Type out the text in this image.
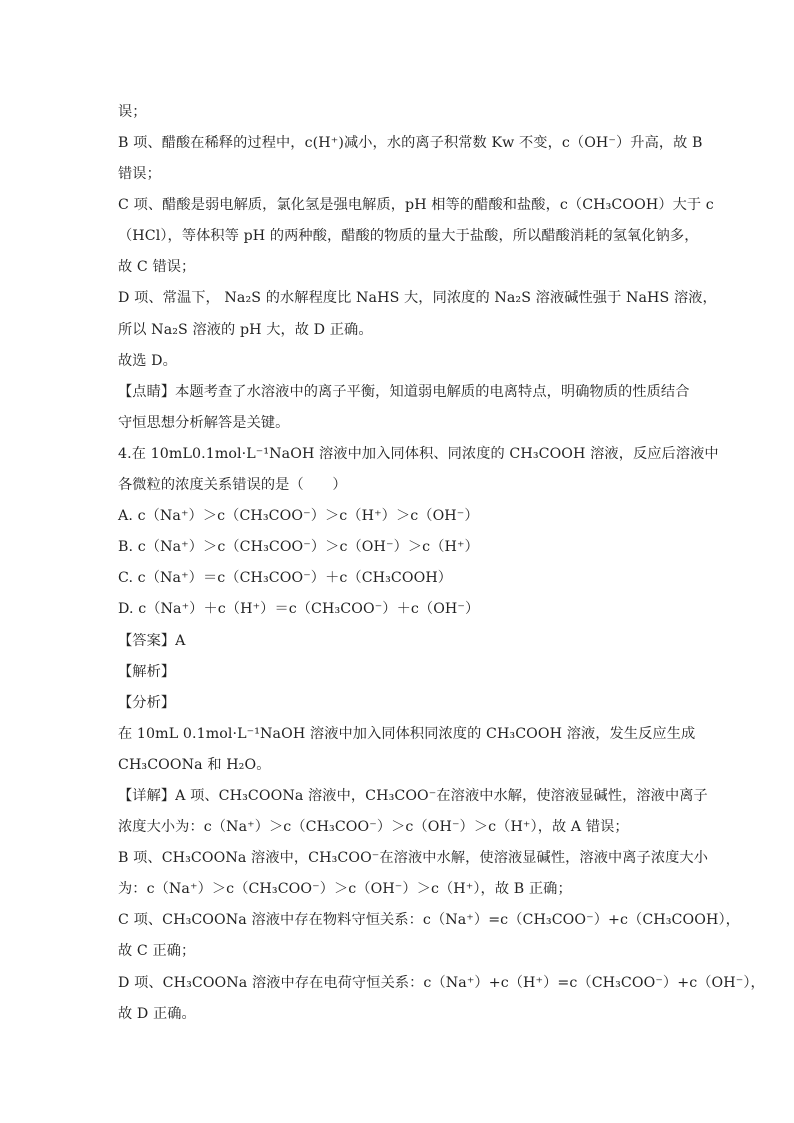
误；
B 项、醋酸在稀释的过程中，c(H⁺)减小，水的离子积常数 Kw 不变，c（OH⁻）升高，故 B
错误；
C 项、醋酸是弱电解质，氯化氢是强电解质，pH 相等的醋酸和盐酸，c（CH₃COOH）大于 c
（HCl），等体积等 pH 的两种酸，醋酸的物质的量大于盐酸，所以醋酸消耗的氢氧化钠多，
故 C 错误；
D 项、常温下， Na₂S 的水解程度比 NaHS 大，同浓度的 Na₂S 溶液碱性强于 NaHS 溶液，
所以 Na₂S 溶液的 pH 大，故 D 正确。
故选 D。
【点睛】本题考查了水溶液中的离子平衡，知道弱电解质的电离特点，明确物质的性质结合
守恒思想分析解答是关键。
4.在 10mL0.1mol·L⁻¹NaOH 溶液中加入同体积、同浓度的 CH₃COOH 溶液，反应后溶液中
各微粒的浓度关系错误的是（　　）
A. c（Na⁺）＞c（CH₃COO⁻）＞c（H⁺）＞c（OH⁻）
B. c（Na⁺）＞c（CH₃COO⁻）＞c（OH⁻）＞c（H⁺）
C. c（Na⁺）＝c（CH₃COO⁻）＋c（CH₃COOH）
D. c（Na⁺）＋c（H⁺）＝c（CH₃COO⁻）＋c（OH⁻）
【答案】A
【解析】
【分析】
在 10mL 0.1mol·L⁻¹NaOH 溶液中加入同体积同浓度的 CH₃COOH 溶液，发生反应生成
CH₃COONa 和 H₂O。
【详解】A 项、CH₃COONa 溶液中，CH₃COO⁻在溶液中水解，使溶液显碱性，溶液中离子
浓度大小为：c（Na⁺）＞c（CH₃COO⁻）＞c（OH⁻）＞c（H⁺），故 A 错误；
B 项、CH₃COONa 溶液中，CH₃COO⁻在溶液中水解，使溶液显碱性，溶液中离子浓度大小
为：c（Na⁺）＞c（CH₃COO⁻）＞c（OH⁻）＞c（H⁺），故 B 正确；
C 项、CH₃COONa 溶液中存在物料守恒关系：c（Na⁺）=c（CH₃COO⁻）+c（CH₃COOH），
故 C 正确；
D 项、CH₃COONa 溶液中存在电荷守恒关系：c（Na⁺）+c（H⁺）=c（CH₃COO⁻）+c（OH⁻），
故 D 正确。
